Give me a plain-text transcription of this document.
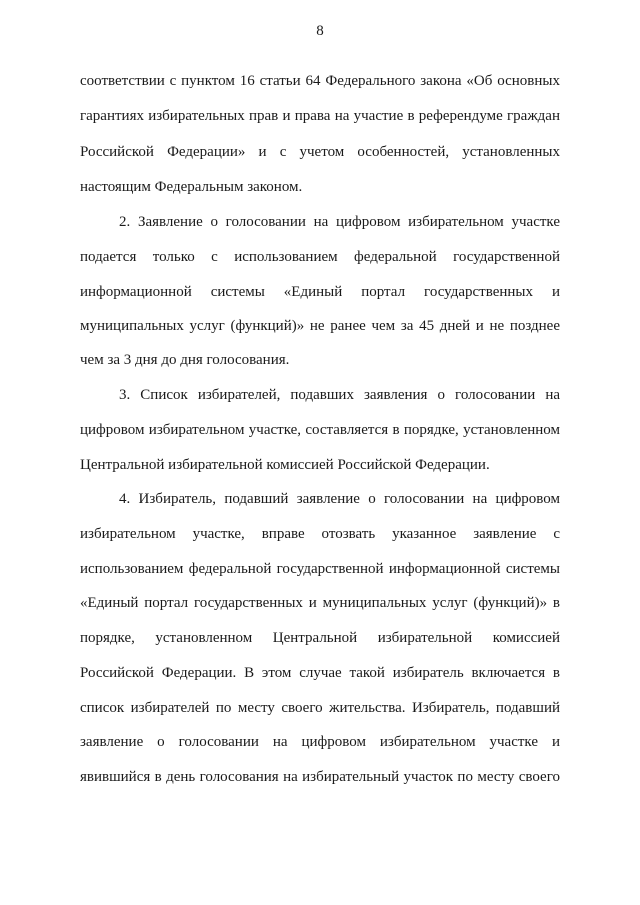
8
соответствии с пунктом 16 статьи 64 Федерального закона «Об основных
гарантиях избирательных прав и права на участие в референдуме граждан
Российской Федерации» и с учетом особенностей, установленных
настоящим Федеральным законом.
2. Заявление о голосовании на цифровом избирательном участке
подается только с использованием федеральной государственной
информационной системы «Единый портал государственных и
муниципальных услуг (функций)» не ранее чем за 45 дней и не позднее
чем за 3 дня до дня голосования.
3. Список избирателей, подавших заявления о голосовании на
цифровом избирательном участке, составляется в порядке, установленном
Центральной избирательной комиссией Российской Федерации.
4. Избиратель, подавший заявление о голосовании на цифровом
избирательном участке, вправе отозвать указанное заявление с
использованием федеральной государственной информационной системы
«Единый портал государственных и муниципальных услуг (функций)» в
порядке, установленном Центральной избирательной комиссией
Российской Федерации. В этом случае такой избиратель включается в
список избирателей по месту своего жительства. Избиратель, подавший
заявление о голосовании на цифровом избирательном участке и
явившийся в день голосования на избирательный участок по месту своего
